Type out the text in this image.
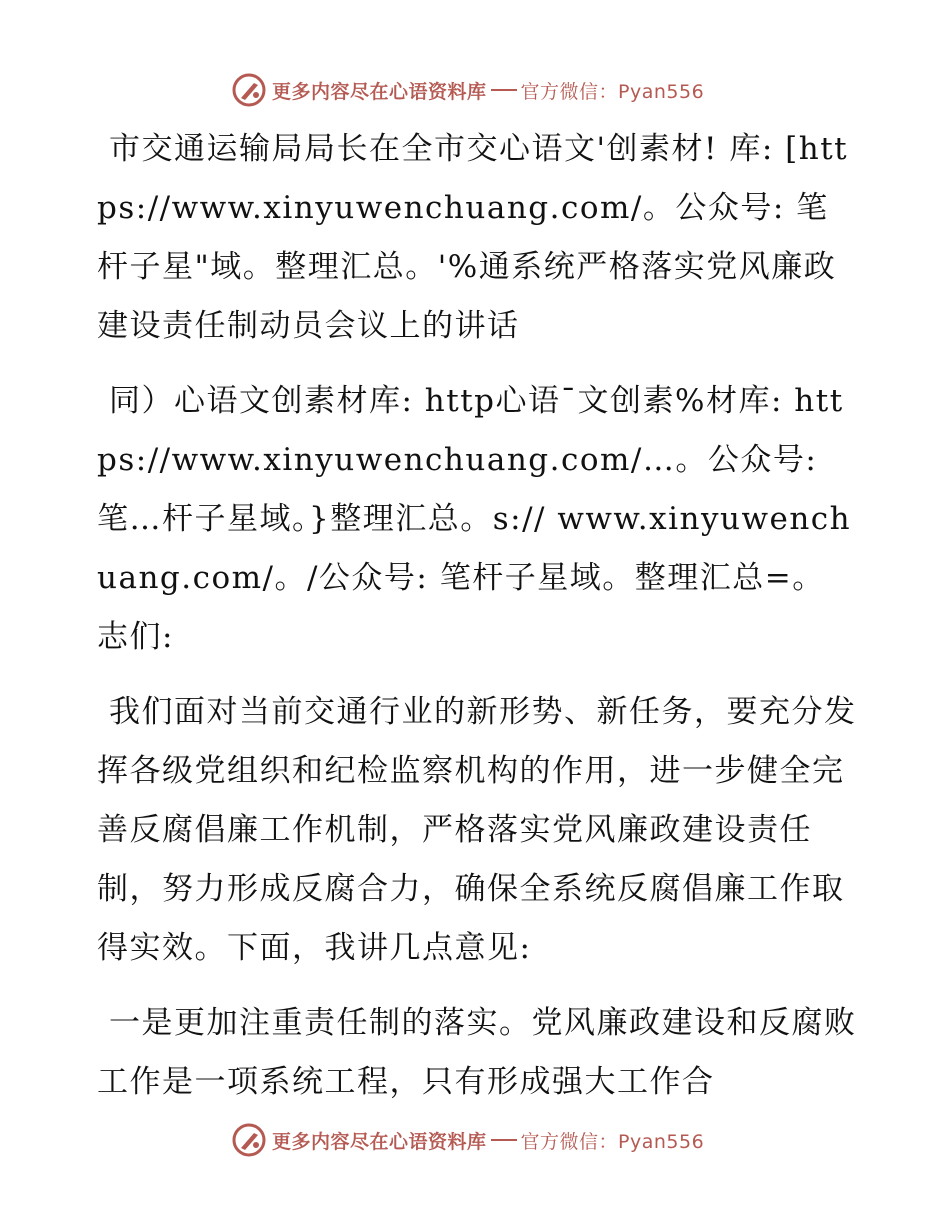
更多内容尽在心语资料库 官方微信：Pyan556

市交通运输局局长在全市交心语文'创素材! 库: [https://www.xinyuwenchuang.com/。公众号: 笔杆子星"域。整理汇总。'%通系统严格落实党风廉政建设责任制动员会议上的讲话

同）心语文创素材库: http心语¯文创素%材库: https://www.xinyuwenchuang.com/…。公众号: 笔…杆子星域。}整理汇总。s:// www.xinyuwenchuang.com/。/公众号: 笔杆子星域。整理汇总=。志们:

我们面对当前交通行业的新形势、新任务，要充分发挥各级党组织和纪检监察机构的作用，进一步健全完善反腐倡廉工作机制，严格落实党风廉政建设责任制，努力形成反腐合力，确保全系统反腐倡廉工作取得实效。下面，我讲几点意见:

一是更加注重责任制的落实。党风廉政建设和反腐败工作是一项系统工程，只有形成强大工作合

更多内容尽在心语资料库 官方微信：Pyan556
